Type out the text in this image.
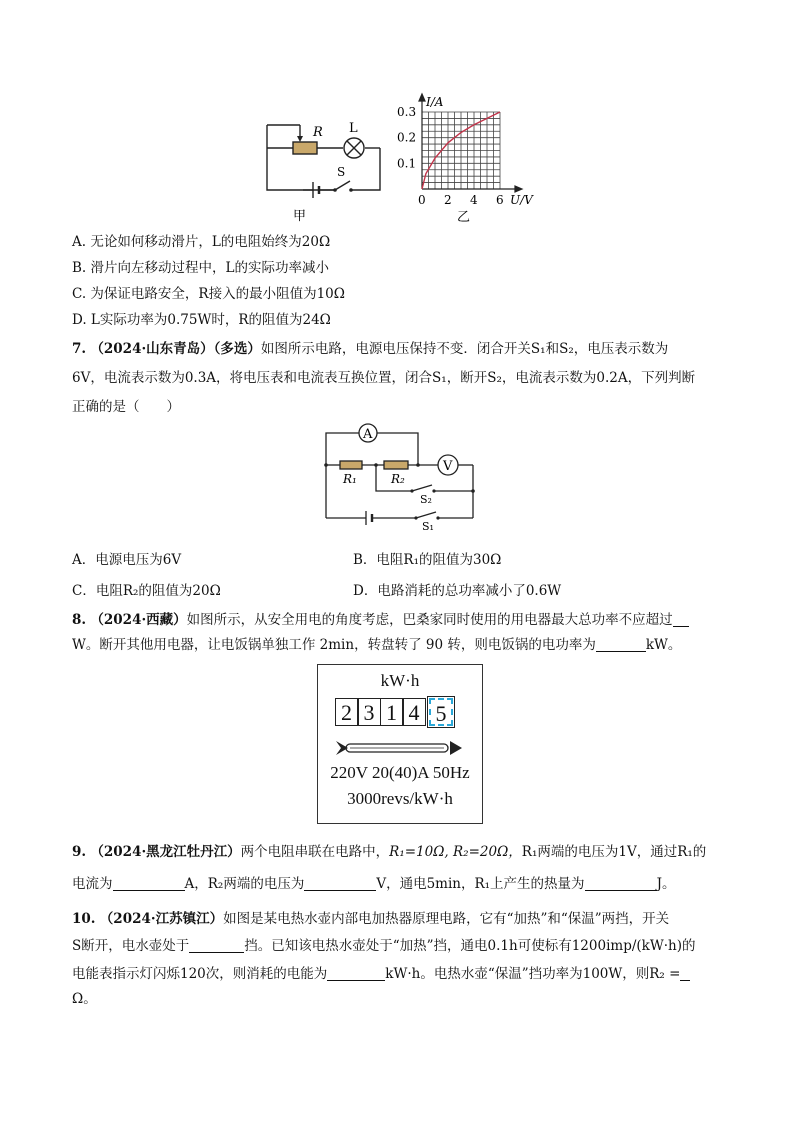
R L
S
甲
0 2 4 6
0.1
0.2
0.3
I/A
U/V
乙
A. 无论如何移动滑片，L的电阻始终为20Ω
B. 滑片向左移动过程中，L的实际功率减小
C. 为保证电路安全，R接入的最小阻值为10Ω
D. L实际功率为0.75W时，R的阻值为24Ω
7. （2024·山东青岛）（多选）如图所示电路，电源电压保持不变．闭合开关S₁和S₂，电压表示数为
6V，电流表示数为0.3A，将电压表和电流表互换位置，闭合S₁，断开S₂，电流表示数为0.2A，下列判断
正确的是（　　）
A
V
R₁	R₂
S₂
S₁
A．电源电压为6V	B．电阻R₁的阻值为30Ω
C．电阻R₂的阻值为20Ω	D．电路消耗的总功率减小了0.6W
8. （2024·西藏）如图所示，从安全用电的角度考虑，巴桑家同时使用的用电器最大总功率不应超过
W。断开其他用电器，让电饭锅单独工作 2min，转盘转了 90 转，则电饭锅的电功率为	kW。
kW·h
2 3 1 4 5
220V 20(40)A 50Hz
3000revs/kW·h
9. （2024·黑龙江牡丹江）两个电阻串联在电路中，R₁=10Ω, R₂=20Ω，R₁两端的电压为1V，通过R₁的
电流为	A，R₂两端的电压为	V，通电5min，R₁上产生的热量为	J。
10. （2024·江苏镇江）如图是某电热水壶内部电加热器原理电路，它有“加热”和“保温”两挡，开关
S断开，电水壶处于	挡。已知该电热水壶处于“加热”挡，通电0.1h可使标有1200imp/(kW·h)的
电能表指示灯闪烁120次，则消耗的电能为	kW·h。电热水壶“保温”挡功率为100W，则R₂ =
Ω。
